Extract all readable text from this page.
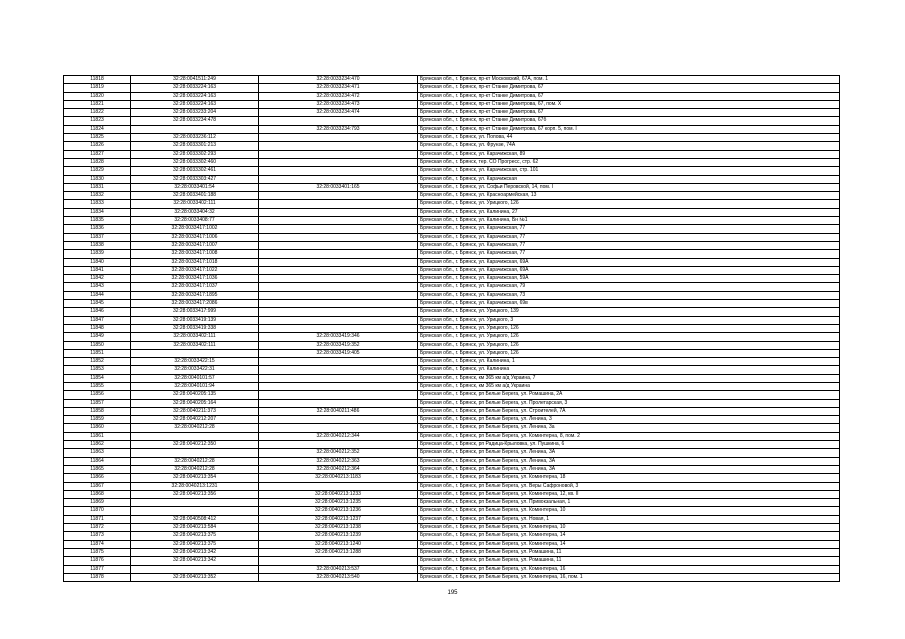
11818	32:28:0041511:249	32:28:0033234:470	Брянская обл., г. Брянск, пр-кт Московский, 67А, пом. 1
11819	32:28:0033224:163	32:28:0033234:471	Брянская обл., г. Брянск, пр-кт Станке Димитрова, 67
11820	32:28:0033224:163	32:28:0033234:472	Брянская обл., г. Брянск, пр-кт Станке Димитрова, 67
11821	32:28:0033224:163	32:28:0033234:473	Брянская обл., г. Брянск, пр-кт Станке Димитрова, 67, пом. X
11822	32:28:0033233:204	32:28:0033234:474	Брянская обл., г. Брянск, пр-кт Станке Димитрова, 67
11823	32:28:0033234:478		Брянская обл., г. Брянск, пр-кт Станке Димитрова, 67б
11824		32:28:0033234:793	Брянская обл., г. Брянск, пр-кт Станке Димитрова, 67 корп. 5, пом. I
11825	32:28:0033236:112		Брянская обл., г. Брянск, ул. Попова, 44
11826	32:28:0033301:213		Брянская обл., г. Брянск, ул. Фрунзе, 74А
11827	32:28:0033302:293		Брянская обл., г. Брянск, ул. Карачижская, 89
11828	32:28:0033302:460		Брянская обл., г. Брянск, тер. СО Прогресс, стр. 62
11829	32:28:0033302:461		Брянская обл., г. Брянск, ул. Карачижская, стр. 101
11830	32:28:0033303:427		Брянская обл., г. Брянск, ул. Карачижская
11831	32:28:0033401:54	32:28:0033401:165	Брянская обл., г. Брянск, ул. Софьи Перовской, 14, пом. I
11832	32:28:0033401:188		Брянская обл., г. Брянск, ул. Красноармейская, 13
11833	32:28:0033402:111		Брянская обл., г. Брянск, ул. Урицкого, 126
11834	32:28:0033404:32		Брянская обл., г. Брянск, ул. Калинина, 27
11835	32:28:0033408:77		Брянская обл., г. Брянск, ул. Калинина, Бн №1
11836	32:28:0033417:1002		Брянская обл., г. Брянск, ул. Карачижская, 77
11837	32:28:0033417:1006		Брянская обл., г. Брянск, ул. Карачижская, 77
11838	32:28:0033417:1007		Брянская обл., г. Брянск, ул. Карачижская, 77
11839	32:28:0033417:1008		Брянская обл., г. Брянск, ул. Карачижская, 77
11840	32:28:0033417:1018		Брянская обл., г. Брянск, ул. Карачижская, 69А
11841	32:28:0033417:1022		Брянская обл., г. Брянск, ул. Карачижская, 69А
11842	32:28:0033417:1036		Брянская обл., г. Брянск, ул. Карачижская, 59А
11843	32:28:0033417:1037		Брянская обл., г. Брянск, ул. Карачижская, 79
11844	32:28:0033417:1895		Брянская обл., г. Брянск, ул. Карачижская, 73
11845	32:28:0033417:2086		Брянская обл., г. Брянск, ул. Карачижская, 69в
11846	32:28:0033417:999		Брянская обл., г. Брянск, ул. Урицкого, 139
11847	32:28:0033419:139		Брянская обл., г. Брянск, ул. Урицкого, 3
11848	32:28:0033419:338		Брянская обл., г. Брянск, ул. Урицкого, 126
11849	32:28:0033402:111	32:28:0033419:346	Брянская обл., г. Брянск, ул. Урицкого, 126
11850	32:28:0033402:111	32:28:0033419:352	Брянская обл., г. Брянск, ул. Урицкого, 126
11851		32:28:0033419:405	Брянская обл., г. Брянск, ул. Урицкого, 126
11852	32:28:0033422:15		Брянская обл., г. Брянск, ул. Калинина, 1
11853	32:28:0033422:31		Брянская обл., г. Брянск, ул. Калинина
11854	32:28:0040101:57		Брянская обл., г. Брянск, км 365 км а/д Украина, 7
11855	32:28:0040101:94		Брянская обл., г. Брянск, км 365 км а/д Украина
11856	32:28:0040205:135		Брянская обл., г. Брянск, рп Белые Берега, ул. Ромашина, 2А
11857	32:28:0040205:164		Брянская обл., г. Брянск, рп Белые Берега, ул. Пролетарская, 3
11858	32:28:0040211:373	32:28:0040211:486	Брянская обл., г. Брянск, рп Белые Берега, ул. Строителей, 7А
11859	32:28:0040212:207		Брянская обл., г. Брянск, рп Белые Берега, ул. Ленина, 3
11860	32:28:0040212:28		Брянская обл., г. Брянск, рп Белые Берега, ул. Ленина, 3а
11861		32:28:0040212:344	Брянская обл., г. Брянск, рп Белые Берега, ул. Коминтерна, 8, пом. 2
11862	32:28:0040212:350		Брянская обл., г. Брянск, рп Радица-Крыловка, ул. Пушкина, 6
11863		32:28:0040212:352	Брянская обл., г. Брянск, рп Белые Берега, ул. Ленина, 3А
11864	32:28:0040212:28	32:28:0040212:363	Брянская обл., г. Брянск, рп Белые Берега, ул. Ленина, 3А
11865	32:28:0040212:28	32:28:0040212:364	Брянская обл., г. Брянск, рп Белые Берега, ул. Ленина, 3А
11866	32:28:0040213:354	32:28:0040213:1183	Брянская обл., г. Брянск, рп Белые Берега, ул. Коминтерна, 18
11867	32:28:0040213:1231		Брянская обл., г. Брянск, рп Белые Берега, ул. Веры Сафроновой, 3
11868	32:28:0040213:356	32:28:0040213:1233	Брянская обл., г. Брянск, рп Белые Берега, ул. Коминтерна, 12, кв. II
11869		32:28:0040213:1235	Брянская обл., г. Брянск, рп Белые Берега, ул. Привокзальная, 1
11870		32:28:0040213:1236	Брянская обл., г. Брянск, рп Белые Берега, ул. Коминтерна, 10
11871	32:28:0040508:412	32:28:0040213:1237	Брянская обл., г. Брянск, рп Белые Берега, ул. Новая, 1
11872	32:28:0040213:584	32:28:0040213:1238	Брянская обл., г. Брянск, рп Белые Берега, ул. Коминтерна, 10
11873	32:28:0040213:375	32:28:0040213:1239	Брянская обл., г. Брянск, рп Белые Берега, ул. Коминтерна, 14
11874	32:28:0040213:375	32:28:0040213:1240	Брянская обл., г. Брянск, рп Белые Берега, ул. Коминтерна, 14
11875	32:28:0040213:342	32:28:0040213:1288	Брянская обл., г. Брянск, рп Белые Берега, ул. Ромашина, 11
11876	32:28:0040213:342		Брянская обл., г. Брянск, рп Белые Берега, ул. Ромашина, 11
11877		32:28:0040213:537	Брянская обл., г. Брянск, рп Белые Берега, ул. Коминтерна, 16
11878	32:28:0040213:352	32:28:0040213:540	Брянская обл., г. Брянск, рп Белые Берега, ул. Коминтерна, 16, пом. 1
195
